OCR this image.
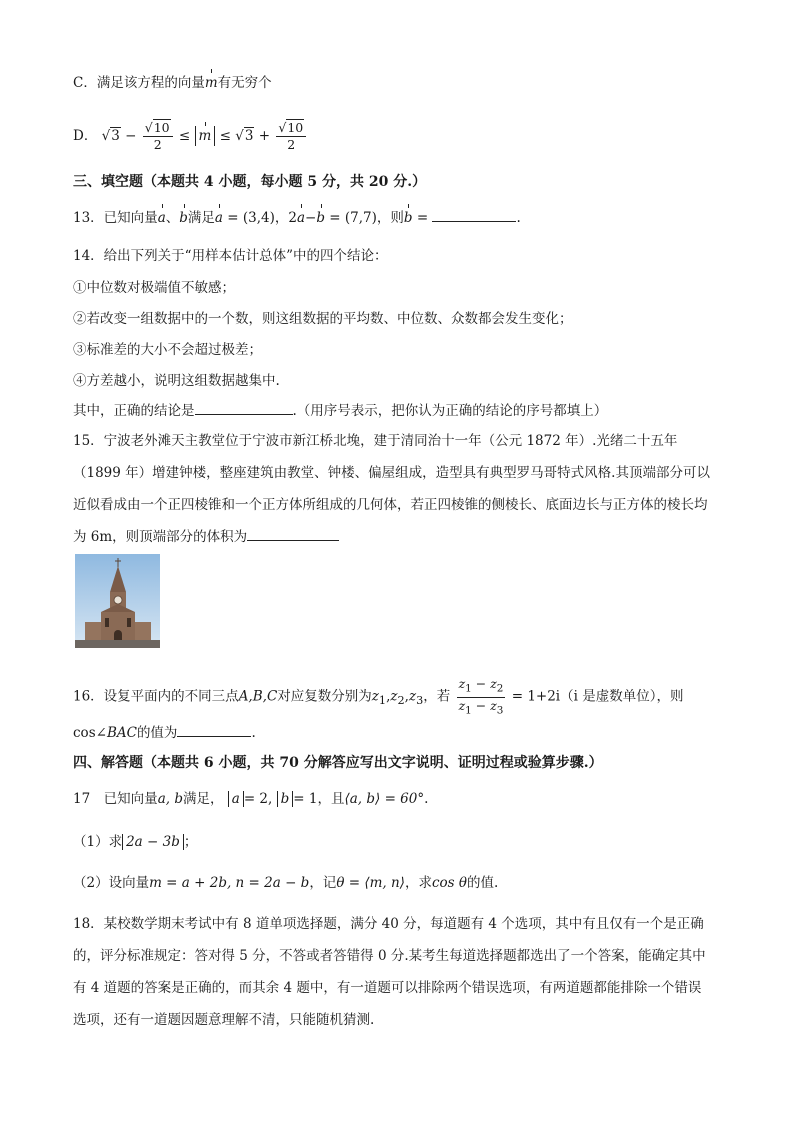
C．满足该方程的向量m有无穷个
D． $√3 - \frac{√10}{2} \le m \le √3 + \frac{√10}{2}$
三、填空题（本题共 4 小题，每小题 5 分，共 20 分.）
13．已知向量a、b满足a = (3,4)，2a−b = (7,7)，则b =	.
14．给出下列关于“用样本估计总体”中的四个结论：
①中位数对极端值不敏感；
②若改变一组数据中的一个数，则这组数据的平均数、中位数、众数都会发生变化；
③标准差的大小不会超过极差；
④方差越小，说明这组数据越集中.
其中，正确的结论是	.（用序号表示，把你认为正确的结论的序号都填上）
15．宁波老外滩天主教堂位于宁波市新江桥北堍，建于清同治十一年（公元 1872 年）.光绪二十五年（1899 年）增建钟楼，整座建筑由教堂、钟楼、偏屋组成，造型具有典型罗马哥特式风格.其顶端部分可以近似看成由一个正四棱锥和一个正方体所组成的几何体，若正四棱锥的侧棱长、底面边长与正方体的棱长均为 6m，则顶端部分的体积为
16．设复平面内的不同三点A,B,C对应复数分别为$z_1,z_2,z_3$，若 $\frac{z_1 - z_2}{z_1 - z_3} = 1+2i(i$ 是虚数单位），则
cos∠BAC的值为	.
四、解答题（本题共 6 小题，共 70 分解答应写出文字说明、证明过程或验算步骤.）
17　已知向量a, b满足， a = 2, b = 1，且⟨a, b⟩ = 60°.
（1）求 2a − 3b ；
（2）设向量m = a + 2b, n = 2a − b，记θ = ⟨m, n⟩，求cos θ的值.
18．某校数学期末考试中有 8 道单项选择题，满分 40 分，每道题有 4 个选项，其中有且仅有一个是正确的，评分标准规定：答对得 5 分，不答或者答错得 0 分.某考生每道选择题都选出了一个答案，能确定其中有 4 道题的答案是正确的，而其余 4 题中，有一道题可以排除两个错误选项，有两道题都能排除一个错误选项，还有一道题因题意理解不清，只能随机猜测.
